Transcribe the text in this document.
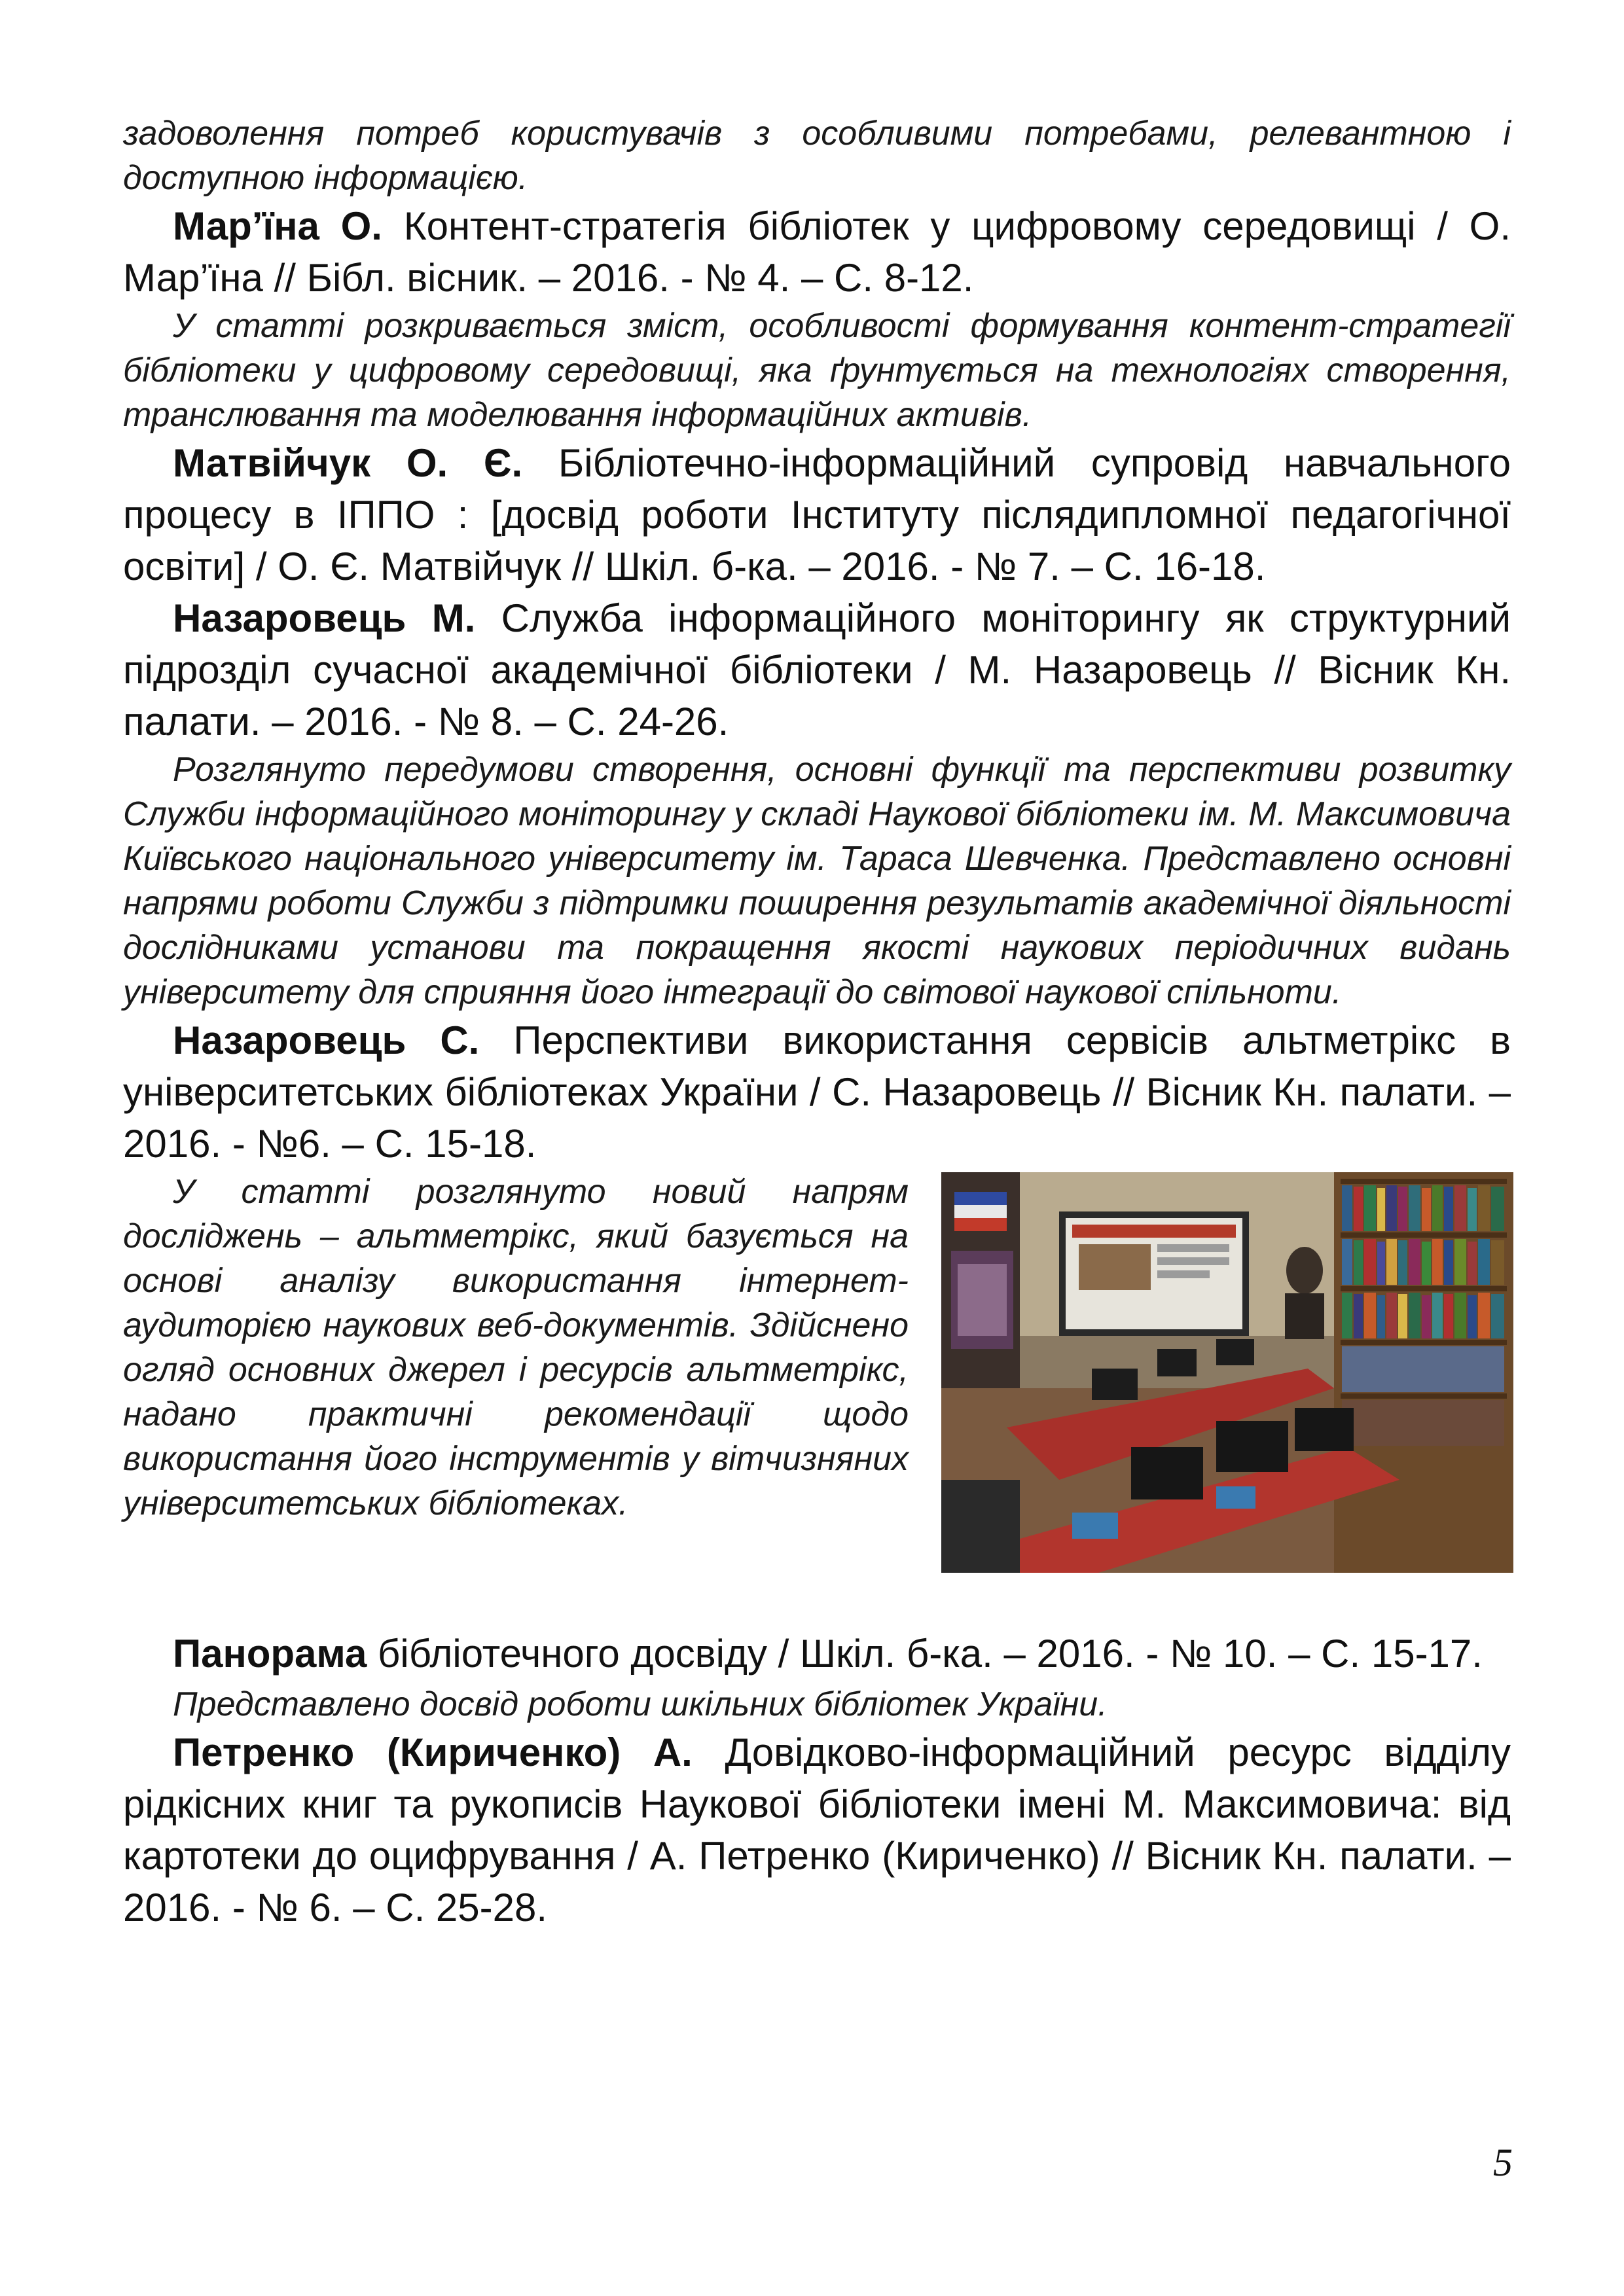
задоволення потреб користувачів з особливими потребами, релевантною і доступною інформацією.

Мар’їна О. Контент-стратегія бібліотек у цифровому середовищі / О. Мар’їна // Бібл. вісник. – 2016. - № 4. – С. 8-12.

У статті розкривається зміст, особливості формування контент-стратегії бібліотеки у цифровому середовищі, яка ґрунтується на технологіях створення, транслювання та моделювання інформаційних активів.

Матвійчук О. Є. Бібліотечно-інформаційний супровід навчального процесу в ІППО : [досвід роботи Інституту післядипломної педагогічної освіти] / О. Є. Матвійчук // Шкіл. б-ка. – 2016. - № 7. – С. 16-18.

Назаровець М. Служба інформаційного моніторингу як структурний підрозділ сучасної академічної бібліотеки / М. Назаровець // Вісник Кн. палати. – 2016. - № 8. – С. 24-26.

Розглянуто передумови створення, основні функції та перспективи розвитку Служби інформаційного моніторингу у складі Наукової бібліотеки ім. М. Максимовича Київського національного університету ім. Тараса Шевченка. Представлено основні напрями роботи Служби з підтримки поширення результатів академічної діяльності дослідниками установи та покращення якості наукових періодичних видань університету для сприяння його інтеграції до світової наукової спільноти.

Назаровець С. Перспективи використання сервісів альтметрікс в університетських бібліотеках України / С. Назаровець // Вісник Кн. палати. – 2016. - №6. – С. 15-18.

У статті розглянуто новий напрям досліджень – альтметрікс, який базується на основі аналізу використання інтернет-аудиторією наукових веб-документів. Здійснено огляд основних джерел і ресурсів альтметрікс, надано практичні рекомендації щодо використання його інструментів у вітчизняних університетських бібліотеках.

Панорама бібліотечного досвіду / Шкіл. б-ка. – 2016. - № 10. – С. 15-17.

Представлено досвід роботи шкільних бібліотек України.

Петренко (Кириченко) А. Довідково-інформаційний ресурс відділу рідкісних книг та рукописів Наукової бібліотеки імені М. Максимовича: від картотеки до оцифрування / А. Петренко (Кириченко) // Вісник Кн. палати. – 2016. - № 6. – С. 25-28.

5
